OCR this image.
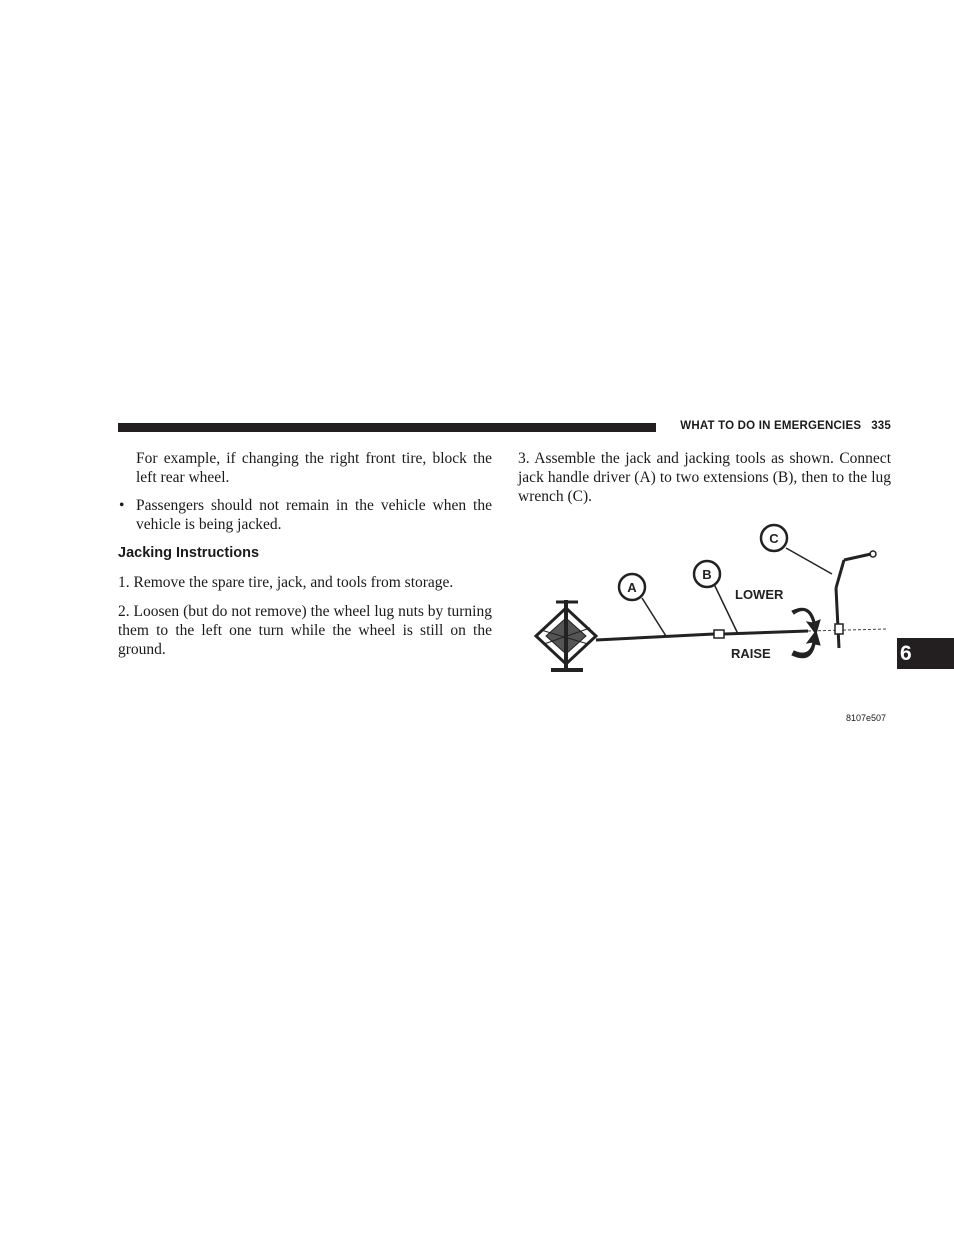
WHAT TO DO IN EMERGENCIES 335

For example, if changing the right front tire, block the left rear wheel.

• Passengers should not remain in the vehicle when the vehicle is being jacked.
Jacking Instructions

1. Remove the spare tire, jack, and tools from storage.

2. Loosen (but do not remove) the wheel lug nuts by turning them to the left one turn while the wheel is still on the ground.

3. Assemble the jack and jacking tools as shown. Connect jack handle driver (A) to two extensions (B), then to the lug wrench (C).

A
B
C
LOWER
RAISE
8107e507
6
